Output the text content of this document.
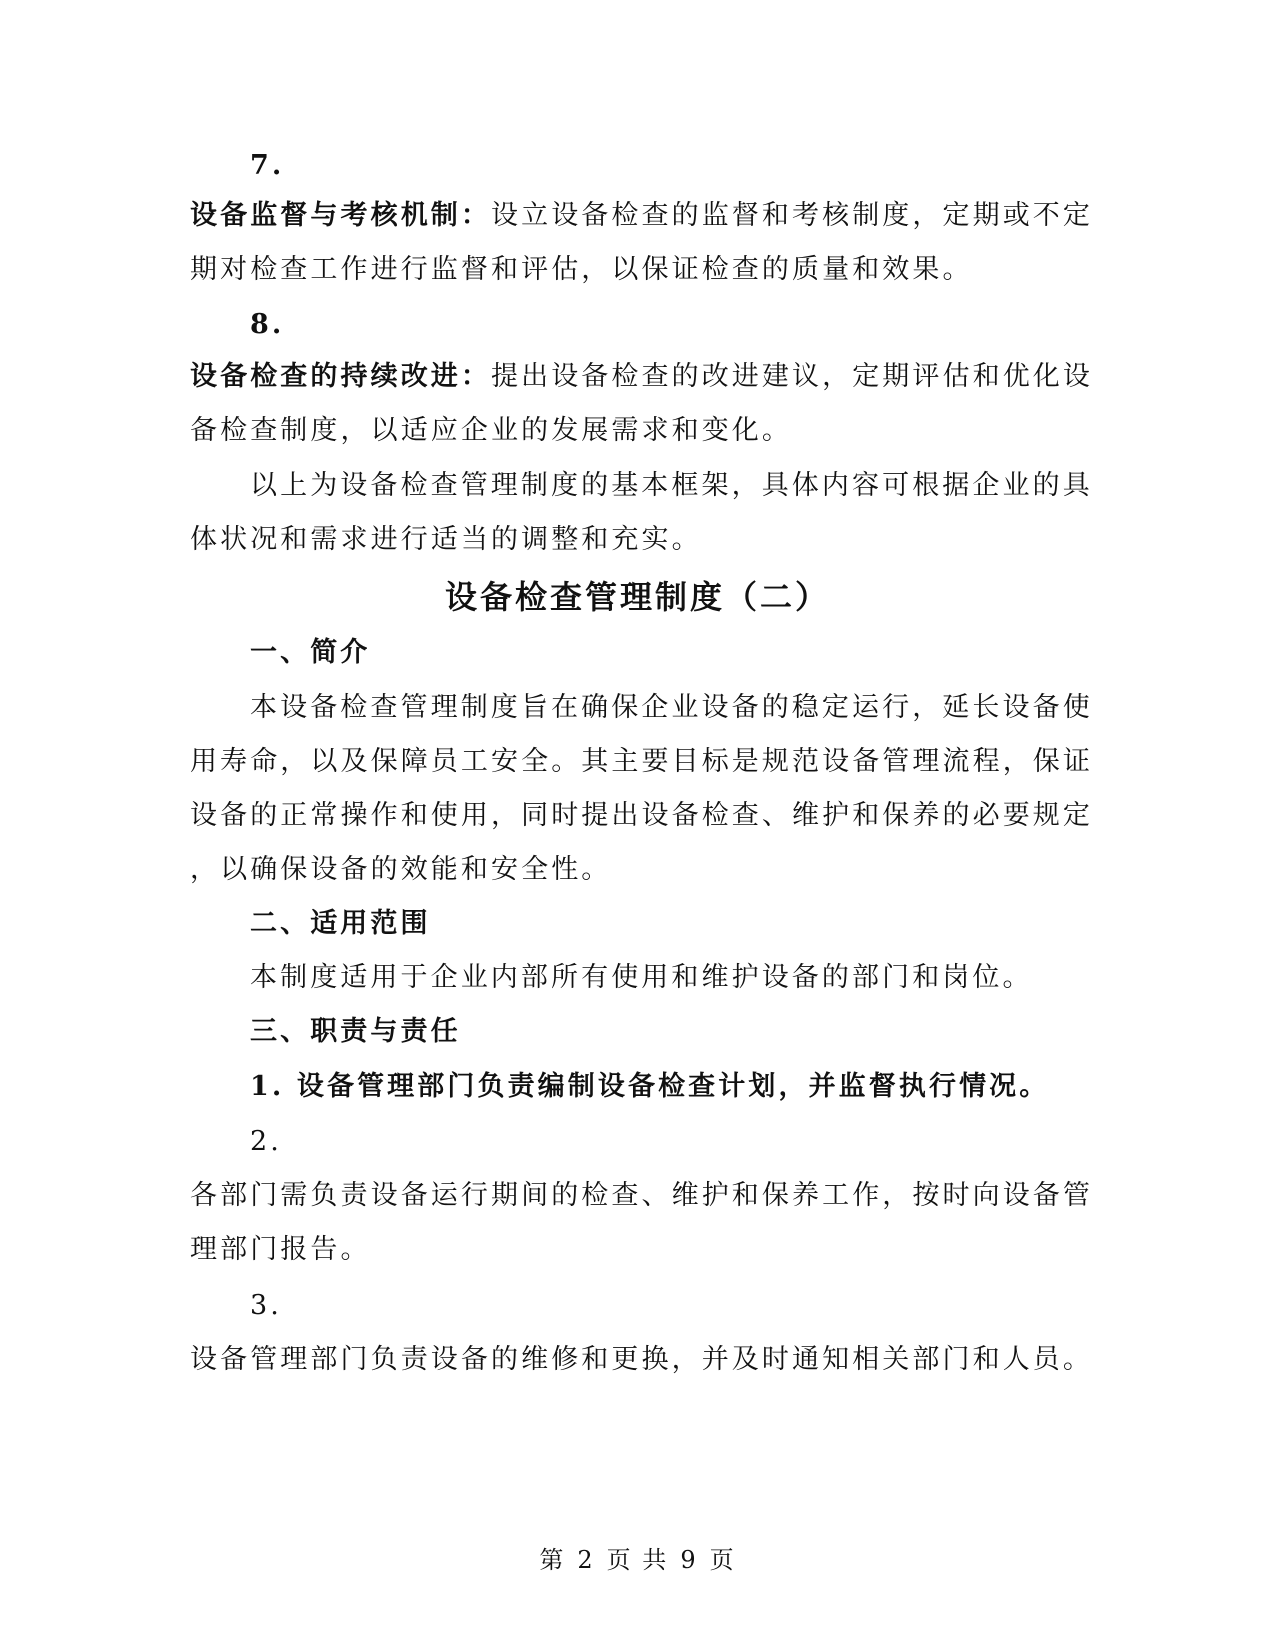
7.
设备监督与考核机制：设立设备检查的监督和考核制度，定期或不定
期对检查工作进行监督和评估，以保证检查的质量和效果。
8.
设备检查的持续改进：提出设备检查的改进建议，定期评估和优化设
备检查制度，以适应企业的发展需求和变化。
以上为设备检查管理制度的基本框架，具体内容可根据企业的具
体状况和需求进行适当的调整和充实。
设备检查管理制度（二）
一、简介
本设备检查管理制度旨在确保企业设备的稳定运行，延长设备使
用寿命，以及保障员工安全。其主要目标是规范设备管理流程，保证
设备的正常操作和使用，同时提出设备检查、维护和保养的必要规定
，以确保设备的效能和安全性。
二、适用范围
本制度适用于企业内部所有使用和维护设备的部门和岗位。
三、职责与责任
1. 设备管理部门负责编制设备检查计划，并监督执行情况。
2.
各部门需负责设备运行期间的检查、维护和保养工作，按时向设备管
理部门报告。
3.
设备管理部门负责设备的维修和更换，并及时通知相关部门和人员。
第 2 页 共 9 页
